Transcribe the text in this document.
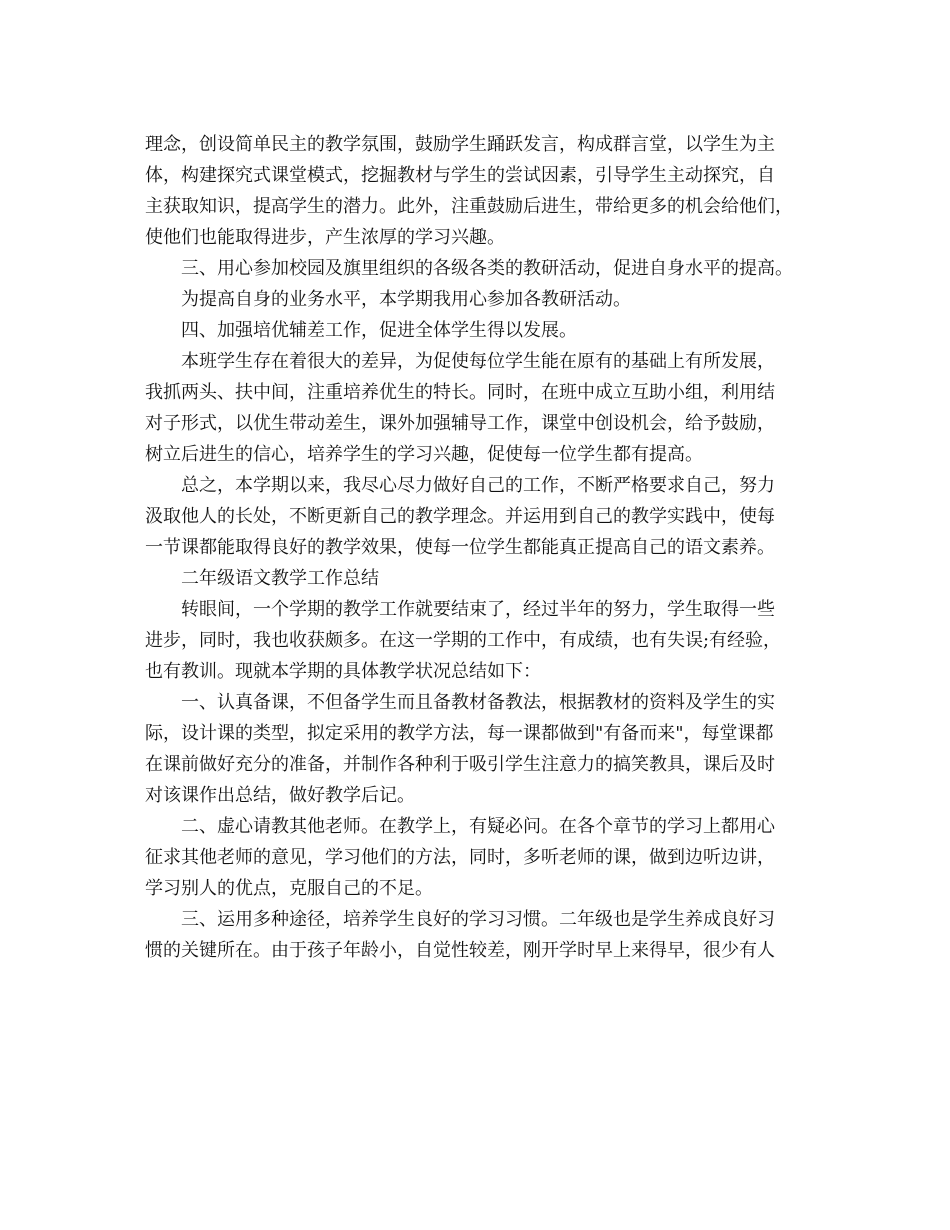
理念，创设简单民主的教学氛围，鼓励学生踊跃发言，构成群言堂，以学生为主

体，构建探究式课堂模式，挖掘教材与学生的尝试因素，引导学生主动探究，自

主获取知识，提高学生的潜力。此外，注重鼓励后进生，带给更多的机会给他们，

使他们也能取得进步，产生浓厚的学习兴趣。

三、用心参加校园及旗里组织的各级各类的教研活动，促进自身水平的提高。

为提高自身的业务水平，本学期我用心参加各教研活动。

四、加强培优辅差工作，促进全体学生得以发展。

本班学生存在着很大的差异，为促使每位学生能在原有的基础上有所发展，

我抓两头、扶中间，注重培养优生的特长。同时，在班中成立互助小组，利用结

对子形式，以优生带动差生，课外加强辅导工作，课堂中创设机会，给予鼓励，

树立后进生的信心，培养学生的学习兴趣，促使每一位学生都有提高。

总之，本学期以来，我尽心尽力做好自己的工作，不断严格要求自己，努力

汲取他人的长处，不断更新自己的教学理念。并运用到自己的教学实践中，使每

一节课都能取得良好的教学效果，使每一位学生都能真正提高自己的语文素养。

二年级语文教学工作总结

转眼间，一个学期的教学工作就要结束了，经过半年的努力，学生取得一些

进步，同时，我也收获颇多。在这一学期的工作中，有成绩，也有失误;有经验，

也有教训。现就本学期的具体教学状况总结如下：

一、认真备课，不但备学生而且备教材备教法，根据教材的资料及学生的实

际，设计课的类型，拟定采用的教学方法，每一课都做到"有备而来"，每堂课都

在课前做好充分的准备，并制作各种利于吸引学生注意力的搞笑教具，课后及时

对该课作出总结，做好教学后记。

二、虚心请教其他老师。在教学上，有疑必问。在各个章节的学习上都用心

征求其他老师的意见，学习他们的方法，同时，多听老师的课，做到边听边讲，

学习别人的优点，克服自己的不足。

三、运用多种途径，培养学生良好的学习习惯。二年级也是学生养成良好习

惯的关键所在。由于孩子年龄小，自觉性较差，刚开学时早上来得早，很少有人
